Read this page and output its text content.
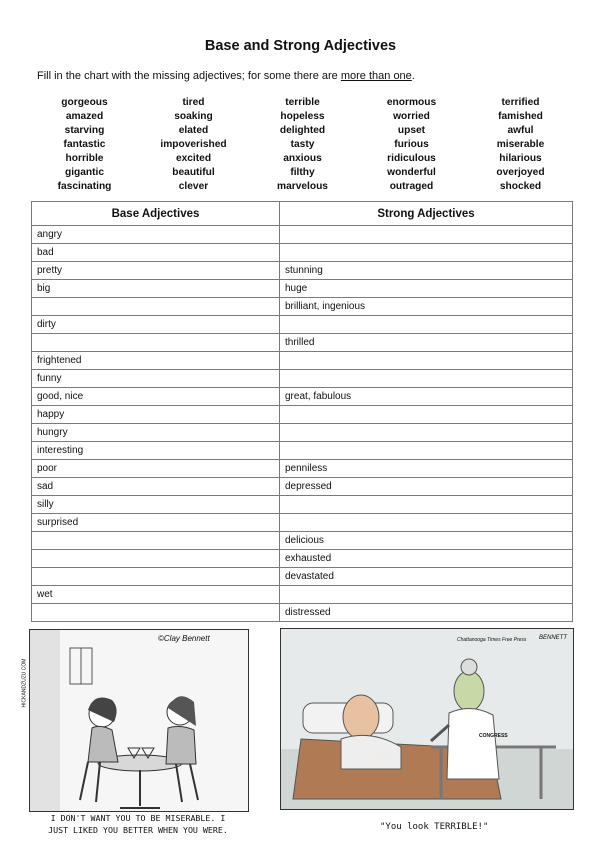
Base and Strong Adjectives
Fill in the chart with the missing adjectives; for some there are more than one.
gorgeous
amazed
starving
fantastic
horrible
gigantic
fascinating
tired
soaking
elated
impoverished
excited
beautiful
clever
terrible
hopeless
delighted
tasty
anxious
filthy
marvelous
enormous
worried
upset
furious
ridiculous
wonderful
outraged
terrified
famished
awful
miserable
hilarious
overjoyed
shocked
Base Adjectives	Strong Adjectives
angry	
bad	
pretty	stunning
big	huge
	brilliant, ingenious
dirty	
	thrilled
frightened	
funny	
good, nice	great, fabulous
happy	
hungry	
interesting	
poor	penniless
sad	depressed
silly	
surprised	
	delicious
	exhausted
	devastated
wet	
	distressed
©Clay Bennett
HICKANDZUZU.COM
I DON'T WANT YOU TO BE MISERABLE. I
JUST LIKED YOU BETTER WHEN YOU WERE.
Chattanooga Times Free Press BENNETT
CONGRESS
ECONOMY
"You look TERRIBLE!"
